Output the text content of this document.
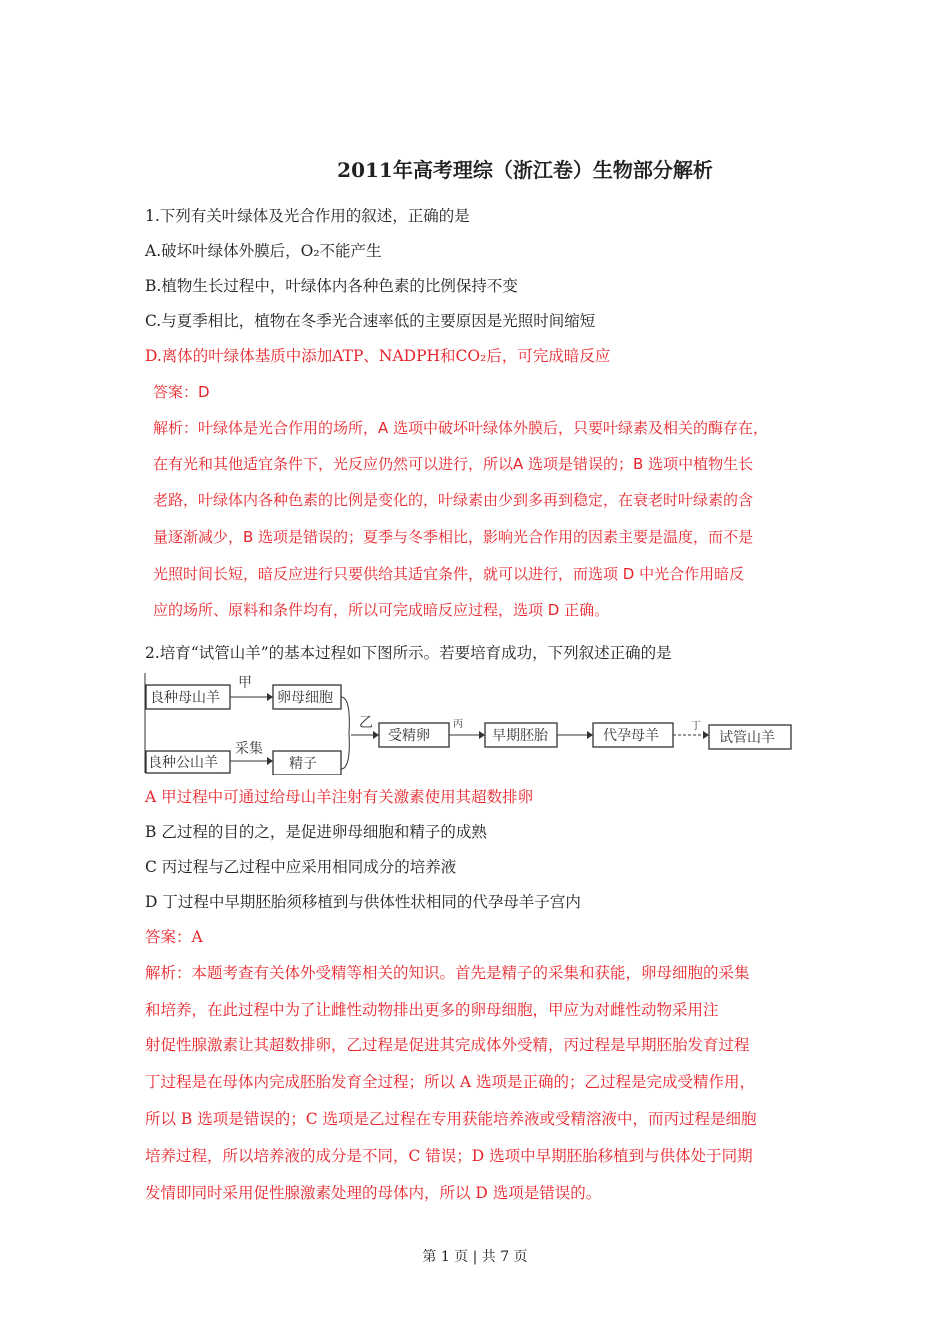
2011年高考理综（浙江卷）生物部分解析
1.下列有关叶绿体及光合作用的叙述，正确的是
A.破坏叶绿体外膜后，O₂不能产生
B.植物生长过程中，叶绿体内各种色素的比例保持不变
C.与夏季相比，植物在冬季光合速率低的主要原因是光照时间缩短
D.离体的叶绿体基质中添加ATP、NADPH和CO₂后，可完成暗反应
答案：D
解析：叶绿体是光合作用的场所，A 选项中破坏叶绿体外膜后，只要叶绿素及相关的酶存在，
在有光和其他适宜条件下，光反应仍然可以进行，所以A 选项是错误的；B 选项中植物生长
老路，叶绿体内各种色素的比例是变化的，叶绿素由少到多再到稳定，在衰老时叶绿素的含
量逐渐减少，B 选项是错误的；夏季与冬季相比，影响光合作用的因素主要是温度，而不是
光照时间长短，暗反应进行只要供给其适宜条件，就可以进行，而选项 D 中光合作用暗反
应的场所、原料和条件均有，所以可完成暗反应过程，选项 D 正确。
2.培育“试管山羊”的基本过程如下图所示。若要培育成功，下列叙述正确的是
良种母山羊
甲
卵母细胞
良种公山羊
采集
精子
乙
受精卵
丙
早期胚胎	代孕母羊
丁
试管山羊
A 甲过程中可通过给母山羊注射有关激素使用其超数排卵
B 乙过程的目的之，是促进卵母细胞和精子的成熟
C 丙过程与乙过程中应采用相同成分的培养液
D 丁过程中早期胚胎须移植到与供体性状相同的代孕母羊子宫内
答案：A
解析：本题考查有关体外受精等相关的知识。首先是精子的采集和获能，卵母细胞的采集
和培养，在此过程中为了让雌性动物排出更多的卵母细胞，甲应为对雌性动物采用注
射促性腺激素让其超数排卵，乙过程是促进其完成体外受精，丙过程是早期胚胎发育过程
丁过程是在母体内完成胚胎发育全过程；所以 A 选项是正确的；乙过程是完成受精作用，
所以 B 选项是错误的；C 选项是乙过程在专用获能培养液或受精溶液中，而丙过程是细胞
培养过程，所以培养液的成分是不同，C 错误；D 选项中早期胚胎移植到与供体处于同期
发情即同时采用促性腺激素处理的母体内，所以 D 选项是错误的。
第 1 页 | 共 7 页
